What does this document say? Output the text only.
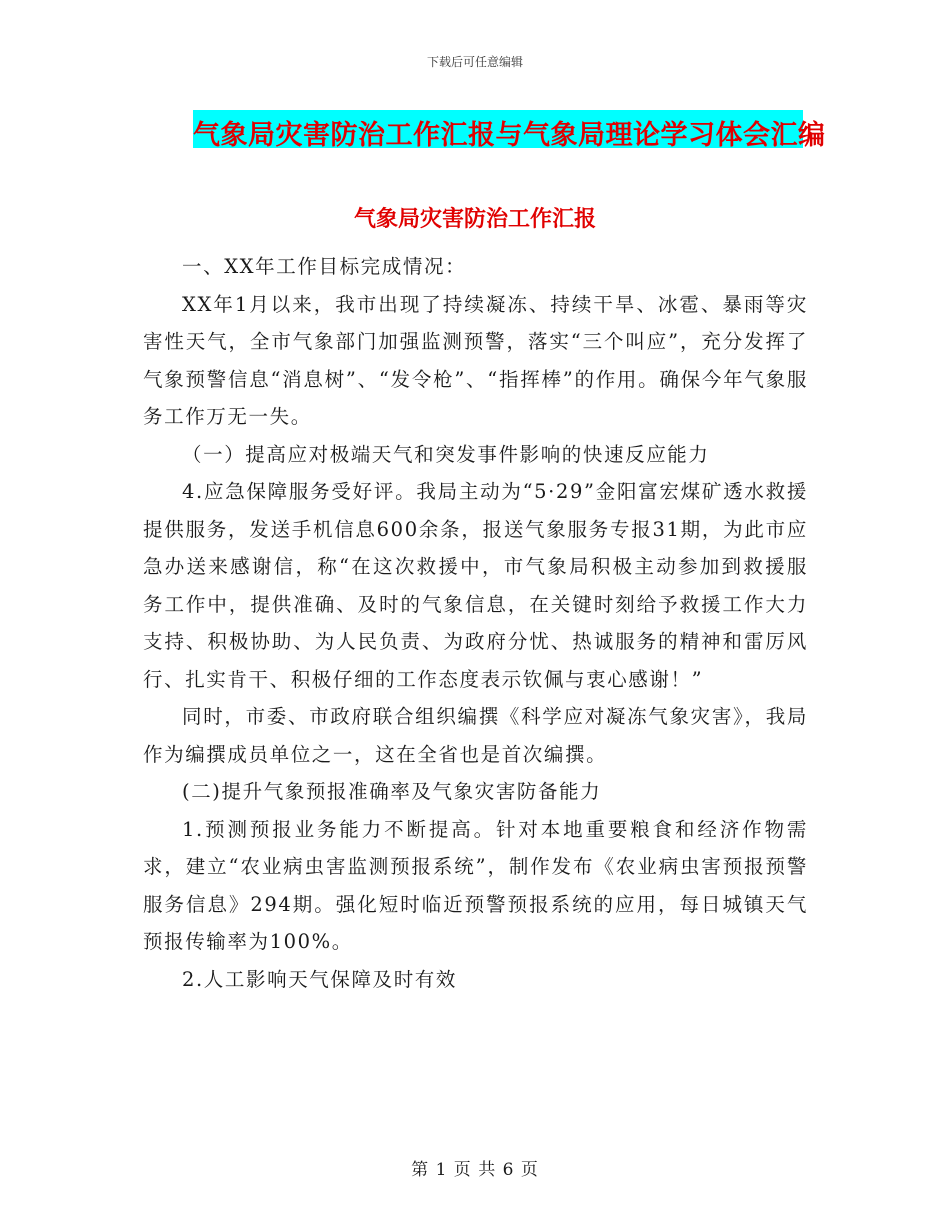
下载后可任意编辑
气象局灾害防治工作汇报与气象局理论学习体会汇编
气象局灾害防治工作汇报

一、XX年工作目标完成情况：

XX年1月以来，我市出现了持续凝冻、持续干旱、冰雹、暴雨等灾害性天气，全市气象部门加强监测预警，落实“三个叫应”，充分发挥了气象预警信息“消息树”、“发令枪”、“指挥棒”的作用。确保今年气象服务工作万无一失。

（一）提高应对极端天气和突发事件影响的快速反应能力

4.应急保障服务受好评。我局主动为“5·29”金阳富宏煤矿透水救援提供服务，发送手机信息600余条，报送气象服务专报31期，为此市应急办送来感谢信，称“在这次救援中，市气象局积极主动参加到救援服务工作中，提供准确、及时的气象信息，在关键时刻给予救援工作大力支持、积极协助、为人民负责、为政府分忧、热诚服务的精神和雷厉风行、扎实肯干、积极仔细的工作态度表示钦佩与衷心感谢！”

同时，市委、市政府联合组织编撰《科学应对凝冻气象灾害》，我局作为编撰成员单位之一，这在全省也是首次编撰。

(二)提升气象预报准确率及气象灾害防备能力

1.预测预报业务能力不断提高。针对本地重要粮食和经济作物需求，建立“农业病虫害监测预报系统”，制作发布《农业病虫害预报预警服务信息》294期。强化短时临近预警预报系统的应用，每日城镇天气预报传输率为100%。

2.人工影响天气保障及时有效

第 1 页 共 6 页
